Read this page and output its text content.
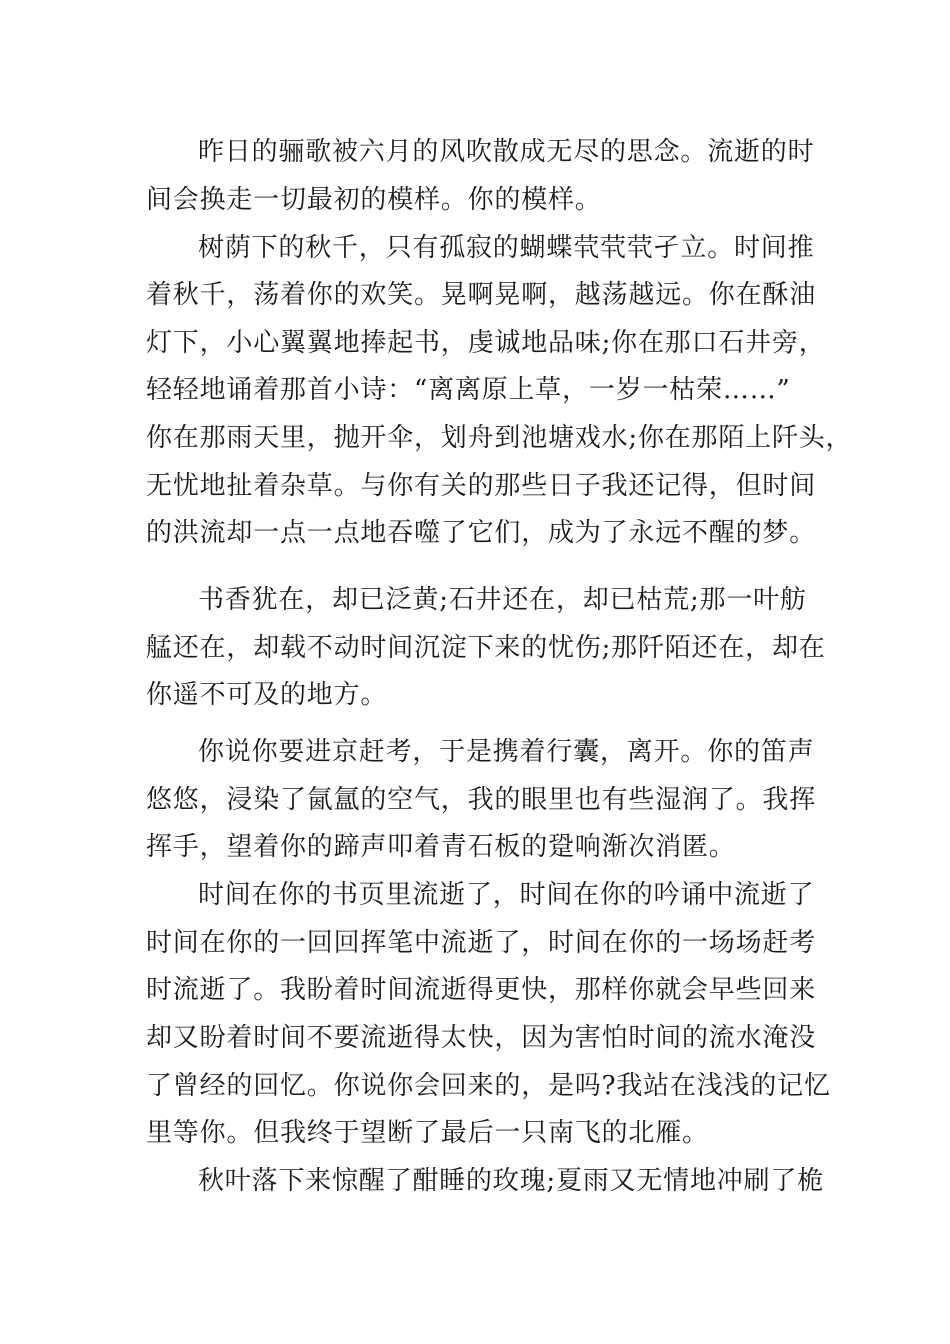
昨日的骊歌被六月的风吹散成无尽的思念。流逝的时
间会换走一切最初的模样。你的模样。
树荫下的秋千，只有孤寂的蝴蝶茕茕茕孑立。时间推
着秋千，荡着你的欢笑。晃啊晃啊，越荡越远。你在酥油
灯下，小心翼翼地捧起书，虔诚地品味;你在那口石井旁，
轻轻地诵着那首小诗：“离离原上草，一岁一枯荣……”
你在那雨天里，抛开伞，划舟到池塘戏水;你在那陌上阡头，
无忧地扯着杂草。与你有关的那些日子我还记得，但时间
的洪流却一点一点地吞噬了它们，成为了永远不醒的梦。
书香犹在，却已泛黄;石井还在，却已枯荒;那一叶舫
艋还在，却载不动时间沉淀下来的忧伤;那阡陌还在，却在
你遥不可及的地方。
你说你要进京赶考，于是携着行囊，离开。你的笛声
悠悠，浸染了氤氲的空气，我的眼里也有些湿润了。我挥
挥手，望着你的蹄声叩着青石板的跫响渐次消匿。
时间在你的书页里流逝了，时间在你的吟诵中流逝了
时间在你的一回回挥笔中流逝了，时间在你的一场场赶考
时流逝了。我盼着时间流逝得更快，那样你就会早些回来
却又盼着时间不要流逝得太快，因为害怕时间的流水淹没
了曾经的回忆。你说你会回来的，是吗?我站在浅浅的记忆
里等你。但我终于望断了最后一只南飞的北雁。
秋叶落下来惊醒了酣睡的玫瑰;夏雨又无情地冲刷了桅
